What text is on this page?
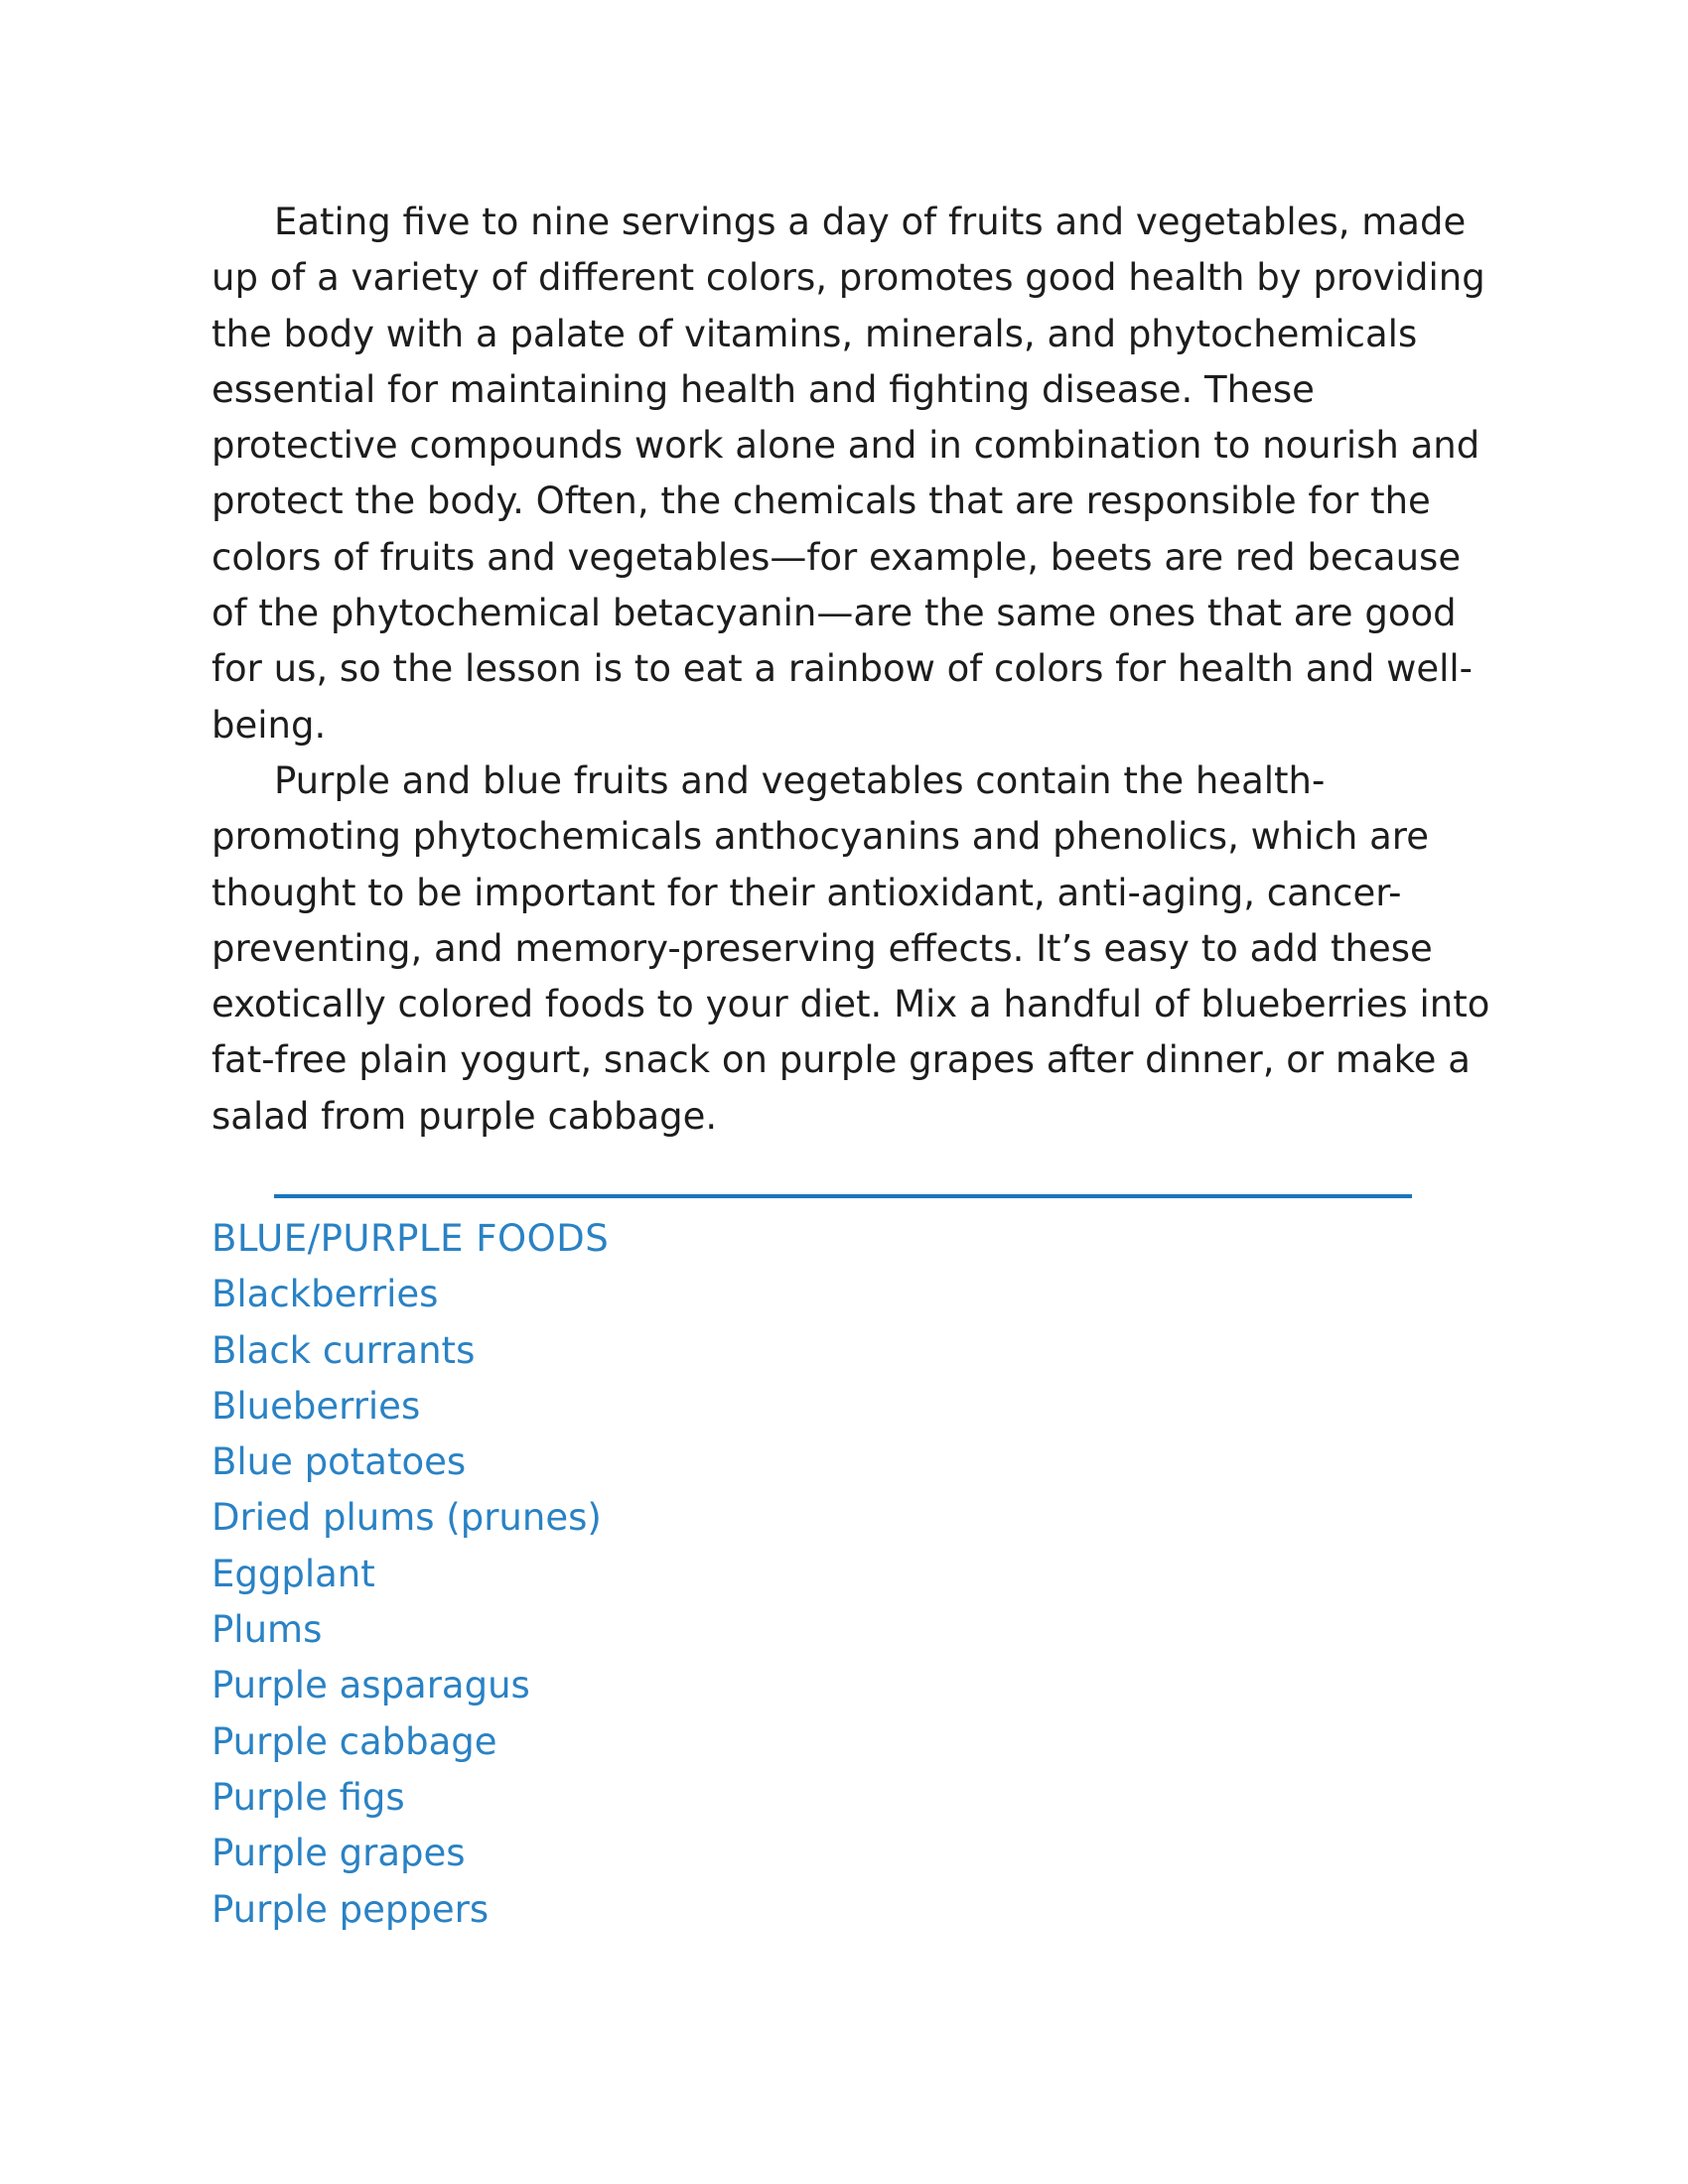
Eating five to nine servings a day of fruits and vegetables, made up of a variety of different colors, promotes good health by providing the body with a palate of vitamins, minerals, and phytochemicals essential for maintaining health and fighting disease. These protective compounds work alone and in combination to nourish and protect the body. Often, the chemicals that are responsible for the colors of fruits and vegetables—for example, beets are red because of the phytochemical betacyanin—are the same ones that are good for us, so the lesson is to eat a rainbow of colors for health and well-being.

Purple and blue fruits and vegetables contain the health-promoting phytochemicals anthocyanins and phenolics, which are thought to be important for their antioxidant, anti-aging, cancer-preventing, and memory-preserving effects. It’s easy to add these exotically colored foods to your diet. Mix a handful of blueberries into fat-free plain yogurt, snack on purple grapes after dinner, or make a salad from purple cabbage.

BLUE/PURPLE FOODS
Blackberries
Black currants
Blueberries
Blue potatoes
Dried plums (prunes)
Eggplant
Plums
Purple asparagus
Purple cabbage
Purple figs
Purple grapes
Purple peppers
